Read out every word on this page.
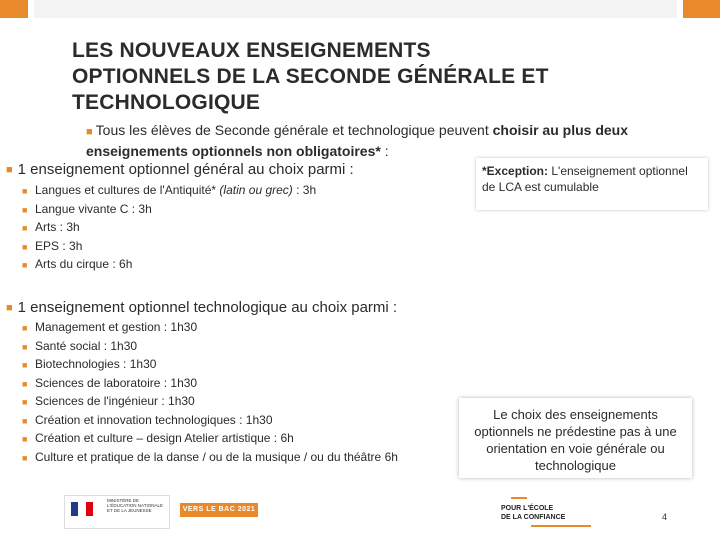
LES NOUVEAUX ENSEIGNEMENTS
OPTIONNELS DE LA SECONDE GÉNÉRALE ET
TECHNOLOGIQUE
■ Tous les élèves de Seconde générale et technologique peuvent choisir au plus deux enseignements optionnels non obligatoires* :
*Exception: L'enseignement optionnel de LCA est cumulable
■ 1 enseignement optionnel général au choix parmi :
■ Langues et cultures de l'Antiquité* (latin ou grec) : 3h
■ Langue vivante C : 3h
■ Arts : 3h
■ EPS : 3h
■ Arts du cirque : 6h
■ 1 enseignement optionnel technologique au choix parmi :
■ Management et gestion : 1h30
■ Santé social : 1h30
■ Biotechnologies : 1h30
■ Sciences de laboratoire : 1h30
■ Sciences de l'ingénieur : 1h30
■ Création et innovation technologiques : 1h30
■ Création et culture – design Atelier artistique : 6h
■ Culture et pratique de la danse / ou de la musique / ou du théâtre 6h
Le choix des enseignements optionnels ne prédestine pas à une orientation en voie générale ou technologique
MINISTÈRE DE L'ÉDUCATION NATIONALE ET DE LA JEUNESSE	VERS LE BAC 2021	POUR L'ÉCOLE
DE LA CONFIANCE	4
